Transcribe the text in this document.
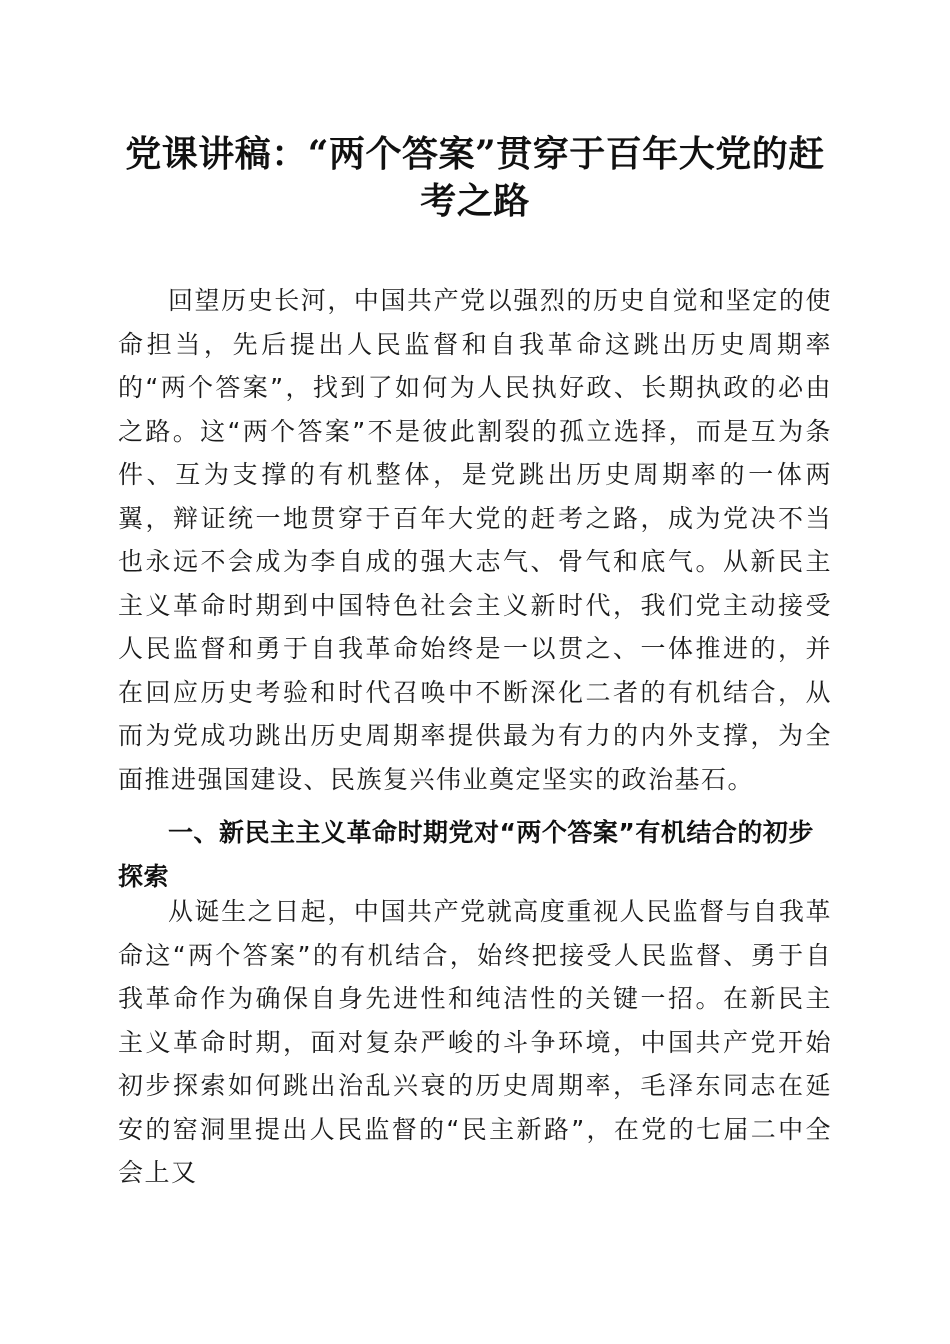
党课讲稿：“两个答案”贯穿于百年大党的赶考之路

回望历史长河，中国共产党以强烈的历史自觉和坚定的使命担当，先后提出人民监督和自我革命这跳出历史周期率的“两个答案”，找到了如何为人民执好政、长期执政的必由之路。这“两个答案”不是彼此割裂的孤立选择，而是互为条件、互为支撑的有机整体，是党跳出历史周期率的一体两翼，辩证统一地贯穿于百年大党的赶考之路，成为党决不当也永远不会成为李自成的强大志气、骨气和底气。从新民主主义革命时期到中国特色社会主义新时代，我们党主动接受人民监督和勇于自我革命始终是一以贯之、一体推进的，并在回应历史考验和时代召唤中不断深化二者的有机结合，从而为党成功跳出历史周期率提供最为有力的内外支撑，为全面推进强国建设、民族复兴伟业奠定坚实的政治基石。

一、新民主主义革命时期党对“两个答案”有机结合的初步探索

从诞生之日起，中国共产党就高度重视人民监督与自我革命这“两个答案”的有机结合，始终把接受人民监督、勇于自我革命作为确保自身先进性和纯洁性的关键一招。在新民主主义革命时期，面对复杂严峻的斗争环境，中国共产党开始初步探索如何跳出治乱兴衰的历史周期率，毛泽东同志在延安的窑洞里提出人民监督的“民主新路”，在党的七届二中全会上又
